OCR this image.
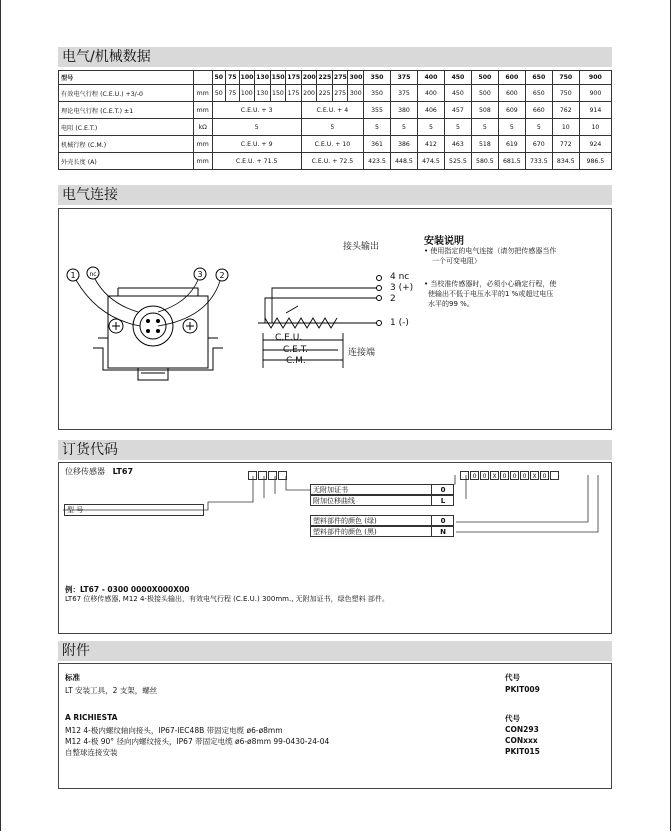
电气/机械数据
型号		50	75	100	130	150	175	200	225	275	300	350	375	400	450	500	600	650	750	900
有效电气行程 (C.E.U.) +3/-0	mm	50	75	100	130	150	175	200	225	275	300	350	375	400	450	500	600	650	750	900
理论电气行程 (C.E.T.) ±1	mm	C.E.U. + 3						C.E.U. + 4				355	380	406	457	508	609	660	762	914
电阻 (C.E.T.)	kΩ	5						5				5	5	5	5	5	5	5	10	10
机械行程 (C.M.)	mm	C.E.U. + 9						C.E.U. + 10				361	386	412	463	518	619	670	772	924
外壳长度 (A)	mm	C.E.U. + 71.5						C.E.U. + 72.5				423.5	448.5	474.5	525.5	580.5	681.5	733.5	834.5	986.5
电气连接
1 nc	3 2
接头输出
4 nc
3 (+)
2
1 (-)
C.E.U.
C.E.T.
C.M.
连接端
安装说明
• 使用指定的电气连接（请勿把传感器当作
一个可变电阻）
• 当校准传感器时，必须小心确定行程，使
使输出不低于电压水平的1 %或超过电压
水平的99 %。
订货代码
位移传感器 LT67
0 0 X 0 0 0 X 0
型 号
无附加证书	0
附加位移曲线	L
塑料部件的颜色 (绿)	0
塑料部件的颜色 (黑)	N
例：LT67 - 0300 0000X000X00
LT67 位移传感器, M12 4-极接头输出，有效电气行程 (C.E.U.) 300mm., 无附加证书，绿色塑料 部件。
附件
标准	代号
LT 安装工具，2 支架，螺丝	PKIT009
A RICHIESTA	代号
M12 4-极内螺纹轴向接头，IP67-IEC48B 带固定电缆 ø6-ø8mm	CON293
M12 4-极 90° 径向内螺纹接头，IP67 带固定电缆 ø6-ø8mm 99-0430-24-04	CONxxx
自整球连接安装	PKIT015
